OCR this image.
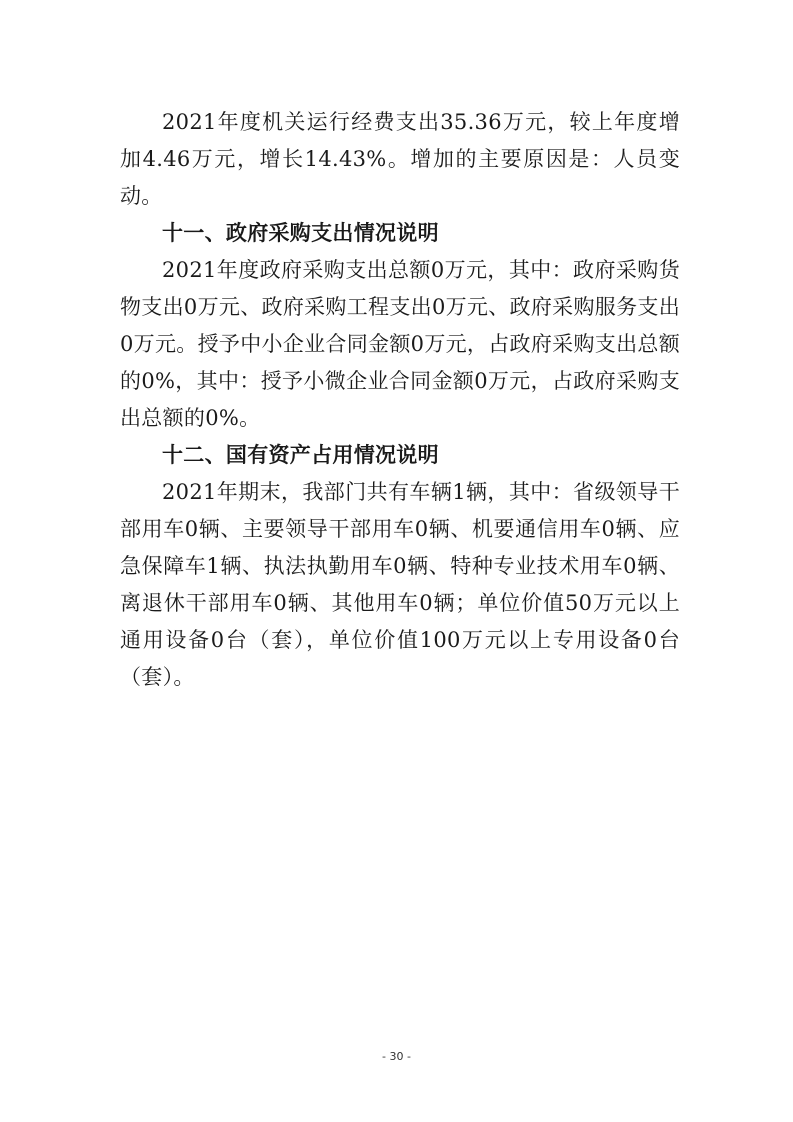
2021年度机关运行经费支出35.36万元，较上年度增加4.46万元，增长14.43%。增加的主要原因是：人员变动。

十一、政府采购支出情况说明

2021年度政府采购支出总额0万元，其中：政府采购货物支出0万元、政府采购工程支出0万元、政府采购服务支出0万元。授予中小企业合同金额0万元，占政府采购支出总额的0%，其中：授予小微企业合同金额0万元，占政府采购支出总额的0%。

十二、国有资产占用情况说明

2021年期末，我部门共有车辆1辆，其中：省级领导干部用车0辆、主要领导干部用车0辆、机要通信用车0辆、应急保障车1辆、执法执勤用车0辆、特种专业技术用车0辆、离退休干部用车0辆、其他用车0辆；单位价值50万元以上通用设备0台（套），单位价值100万元以上专用设备0台（套）。

- 30 -
